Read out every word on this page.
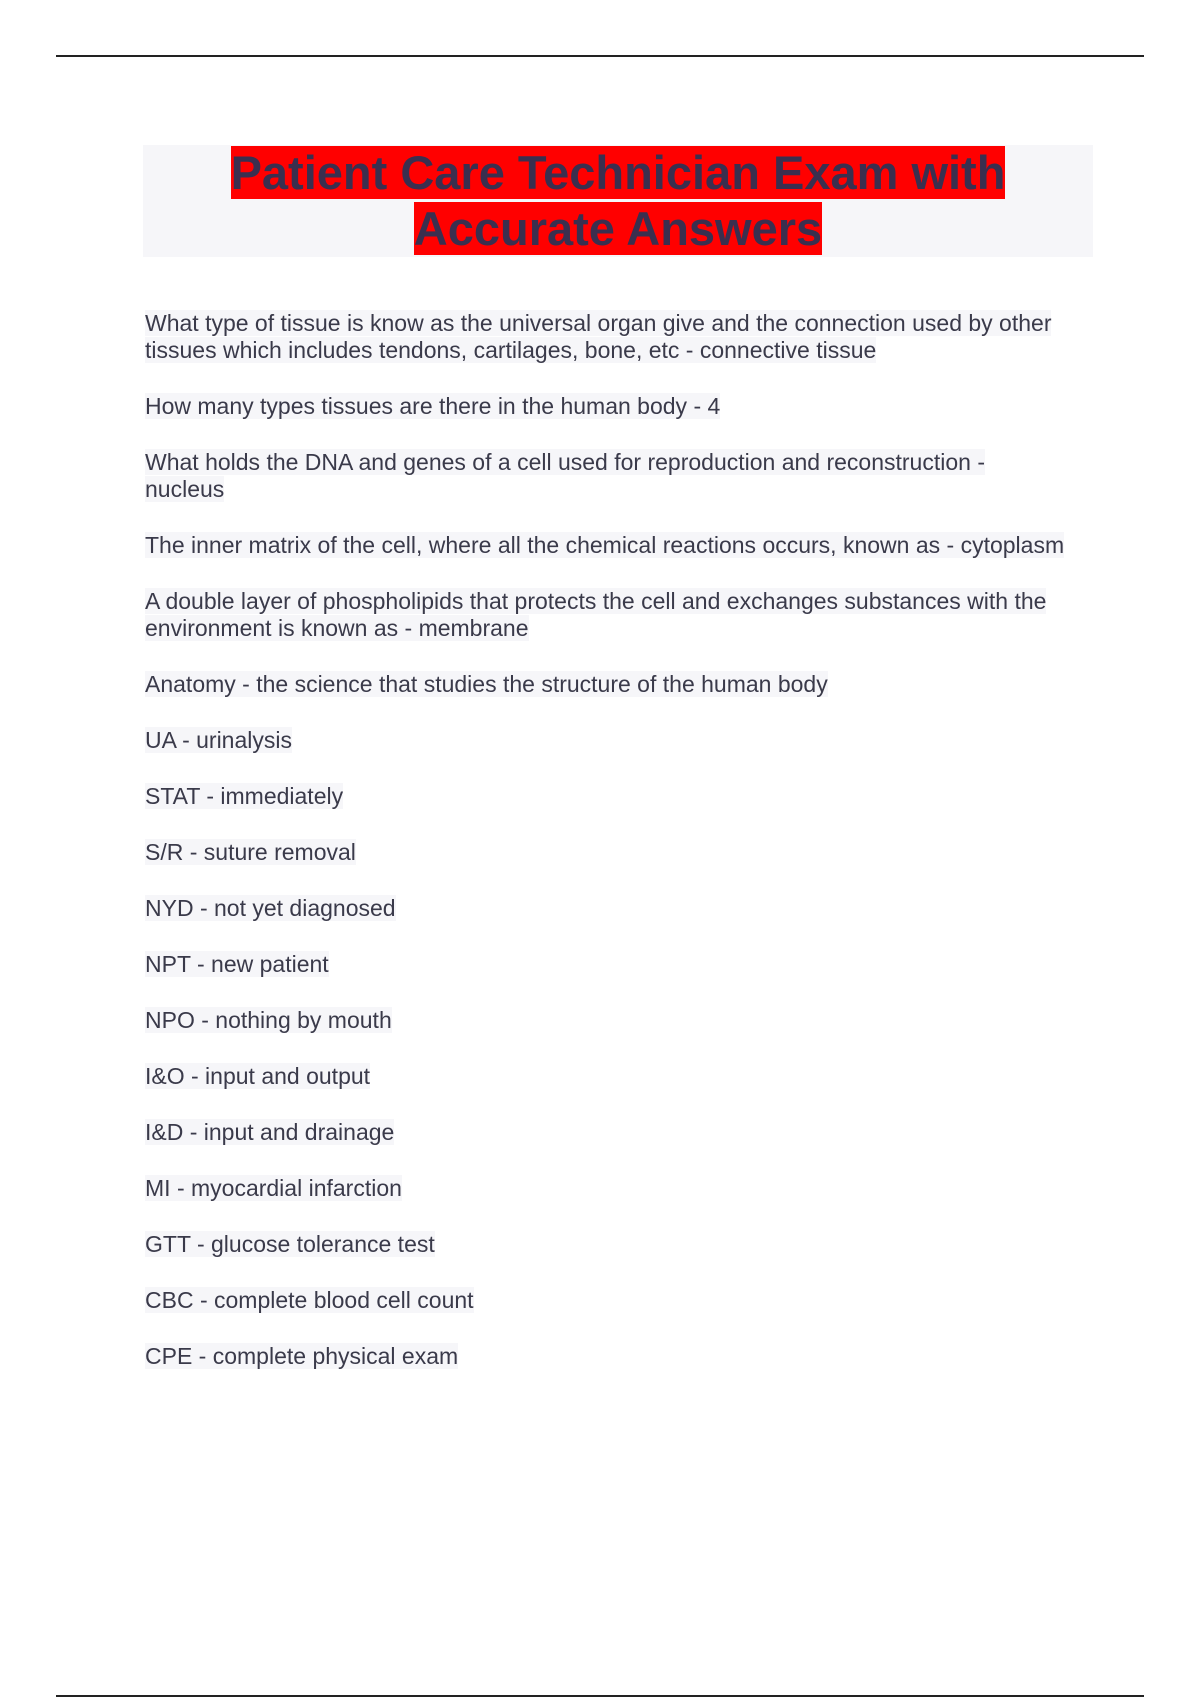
Patient Care Technician Exam with Accurate Answers
What type of tissue is know as the universal organ give and the connection used by other tissues which includes tendons, cartilages, bone, etc - connective tissue
How many types tissues are there in the human body - 4
What holds the DNA and genes of a cell used for reproduction and reconstruction - nucleus
The inner matrix of the cell, where all the chemical reactions occurs, known as - cytoplasm
A double layer of phospholipids that protects the cell and exchanges substances with the environment is known as - membrane
Anatomy - the science that studies the structure of the human body
UA - urinalysis
STAT - immediately
S/R - suture removal
NYD - not yet diagnosed
NPT - new patient
NPO - nothing by mouth
I&O - input and output
I&D - input and drainage
MI - myocardial infarction
GTT - glucose tolerance test
CBC - complete blood cell count
CPE - complete physical exam
